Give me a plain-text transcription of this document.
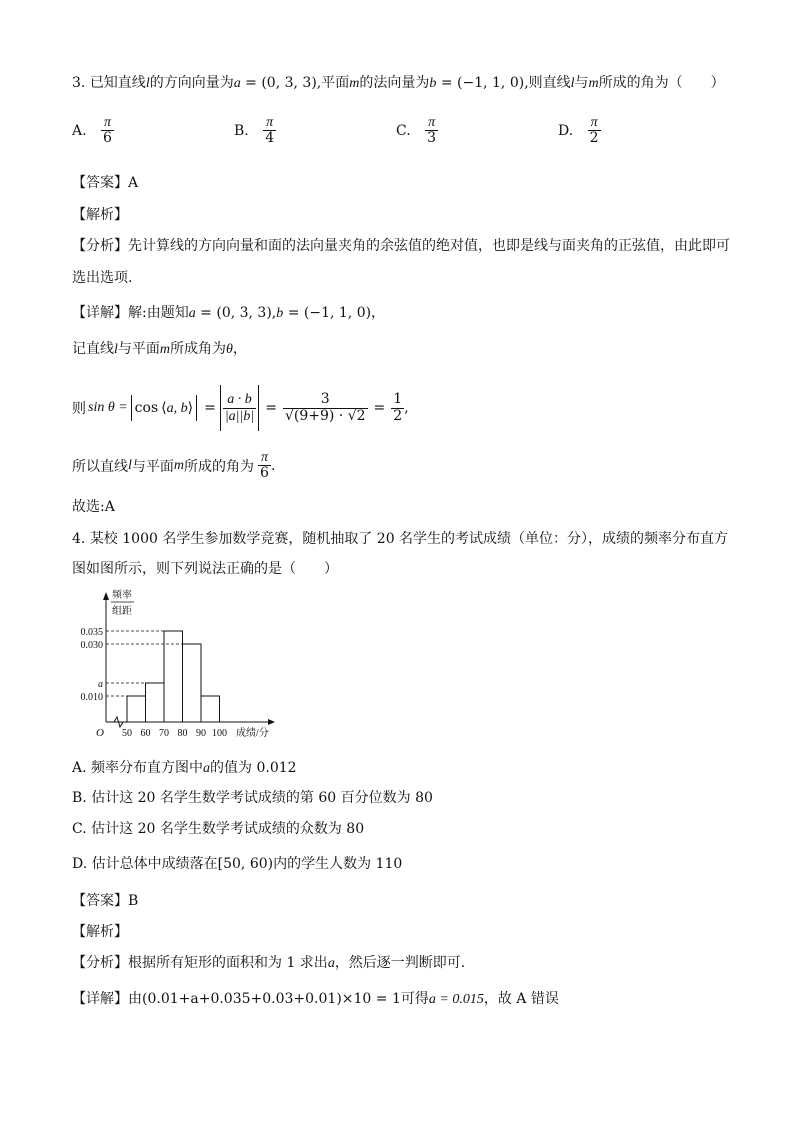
3. 已知直线l的方向向量为a = (0, 3, 3),平面m的法向量为b = (−1, 1, 0),则直线l与m所成的角为（　　）
A. $\frac{\pi}{6}$	B. $\frac{\pi}{4}$	C. $\frac{\pi}{3}$	D. $\frac{\pi}{2}$
【答案】A
【解析】
【分析】先计算线的方向向量和面的法向量夹角的余弦值的绝对值，也即是线与面夹角的正弦值，由此即可
选出选项.
【详解】解:由题知a = (0, 3, 3),b = (−1, 1, 0)，
记直线l与平面m所成角为θ，
则 sin θ = cos ⟨a, b⟩ = $\frac{a \cdot b}{|a||b|} = \frac{3}{√(9+9) \cdot √2} = \frac{1}{2}$ ,
所以直线 l 与平面 m 所成的角为 $\frac{\pi}{6}$ .
故选:A
4. 某校 1000 名学生参加数学竞赛，随机抽取了 20 名学生的考试成绩（单位：分），成绩的频率分布直方
图如图所示，则下列说法正确的是（　　）
0.035
0.030
a
0.010
50 60 70 80 90 100
O	成绩/分
频率
组距
A. 频率分布直方图中a的值为 0.012
B. 估计这 20 名学生数学考试成绩的第 60 百分位数为 80
C. 估计这 20 名学生数学考试成绩的众数为 80
D. 估计总体中成绩落在[50, 60)内的学生人数为 110
【答案】B
【解析】
【分析】根据所有矩形的面积和为 1 求出a，然后逐一判断即可.
【详解】由(0.01+a+0.035+0.03+0.01)×10 = 1可得a = 0.015，故 A 错误
